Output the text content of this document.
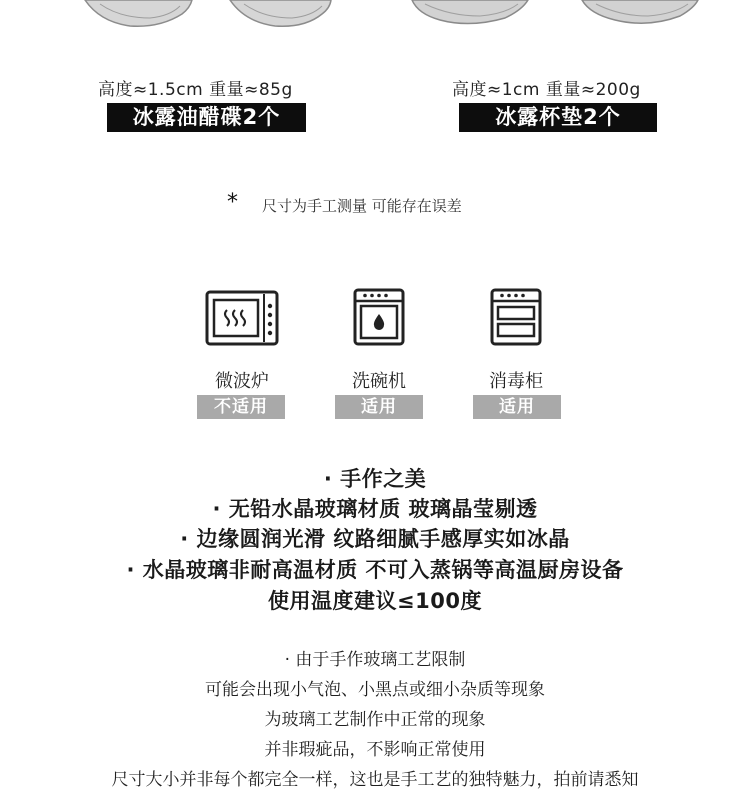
高度≈1.5cm 重量≈85g
冰露油醋碟2个
高度≈1cm 重量≈200g
冰露杯垫2个
* 尺寸为手工测量 可能存在误差
微波炉
不适用
洗碗机
适用
消毒柜
适用
· 手作之美
· 无铅水晶玻璃材质 玻璃晶莹剔透
· 边缘圆润光滑 纹路细腻手感厚实如冰晶
· 水晶玻璃非耐高温材质 不可入蒸锅等高温厨房设备
使用温度建议≤100度
· 由于手作玻璃工艺限制
可能会出现小气泡、小黑点或细小杂质等现象
为玻璃工艺制作中正常的现象
并非瑕疵品，不影响正常使用
尺寸大小并非每个都完全一样，这也是手工艺的独特魅力，拍前请悉知
